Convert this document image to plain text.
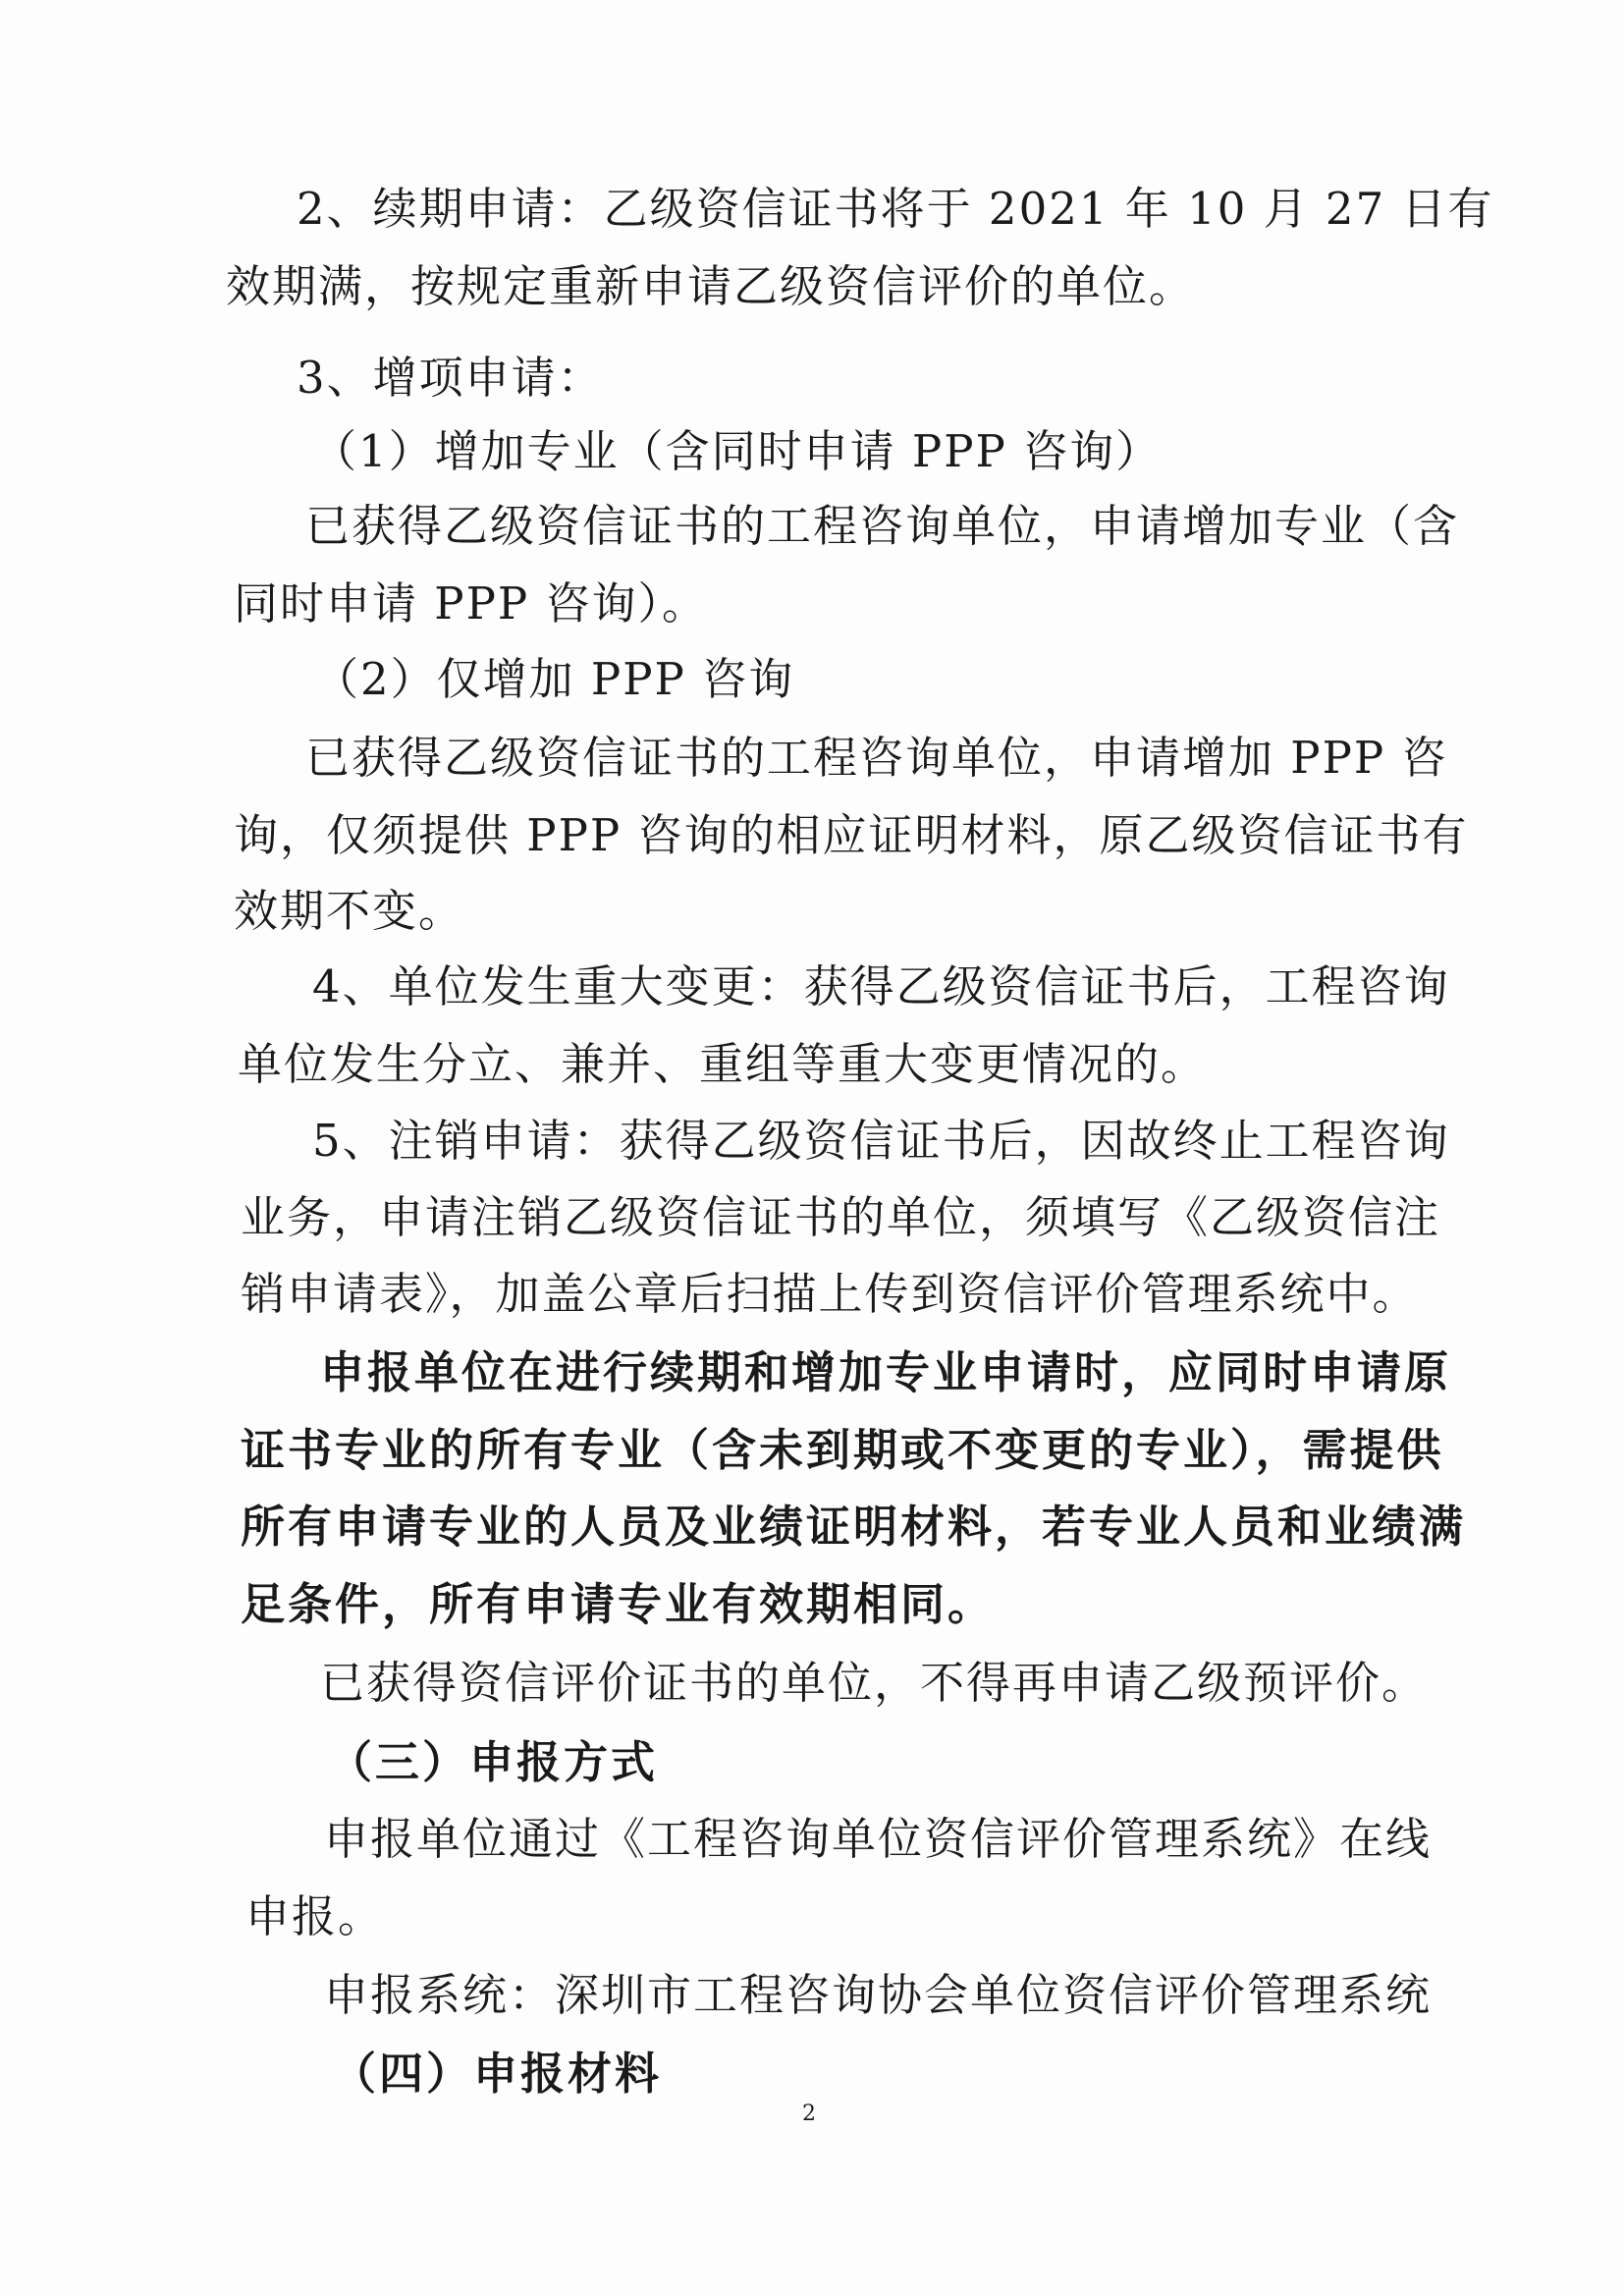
2、续期申请：乙级资信证书将于 2021 年 10 月 27 日有

效期满，按规定重新申请乙级资信评价的单位。

3、增项申请：

（1）增加专业（含同时申请 PPP 咨询）

已获得乙级资信证书的工程咨询单位，申请增加专业（含

同时申请 PPP 咨询）。

（2）仅增加 PPP 咨询

已获得乙级资信证书的工程咨询单位，申请增加 PPP 咨

询，仅须提供 PPP 咨询的相应证明材料，原乙级资信证书有

效期不变。

4、单位发生重大变更：获得乙级资信证书后，工程咨询

单位发生分立、兼并、重组等重大变更情况的。

5、注销申请：获得乙级资信证书后，因故终止工程咨询

业务，申请注销乙级资信证书的单位，须填写《乙级资信注

销申请表》，加盖公章后扫描上传到资信评价管理系统中。

申报单位在进行续期和增加专业申请时，应同时申请原

证书专业的所有专业（含未到期或不变更的专业），需提供

所有申请专业的人员及业绩证明材料，若专业人员和业绩满

足条件，所有申请专业有效期相同。

已获得资信评价证书的单位，不得再申请乙级预评价。

（三）申报方式

申报单位通过《工程咨询单位资信评价管理系统》在线

申报。

申报系统：深圳市工程咨询协会单位资信评价管理系统

（四）申报材料

2
